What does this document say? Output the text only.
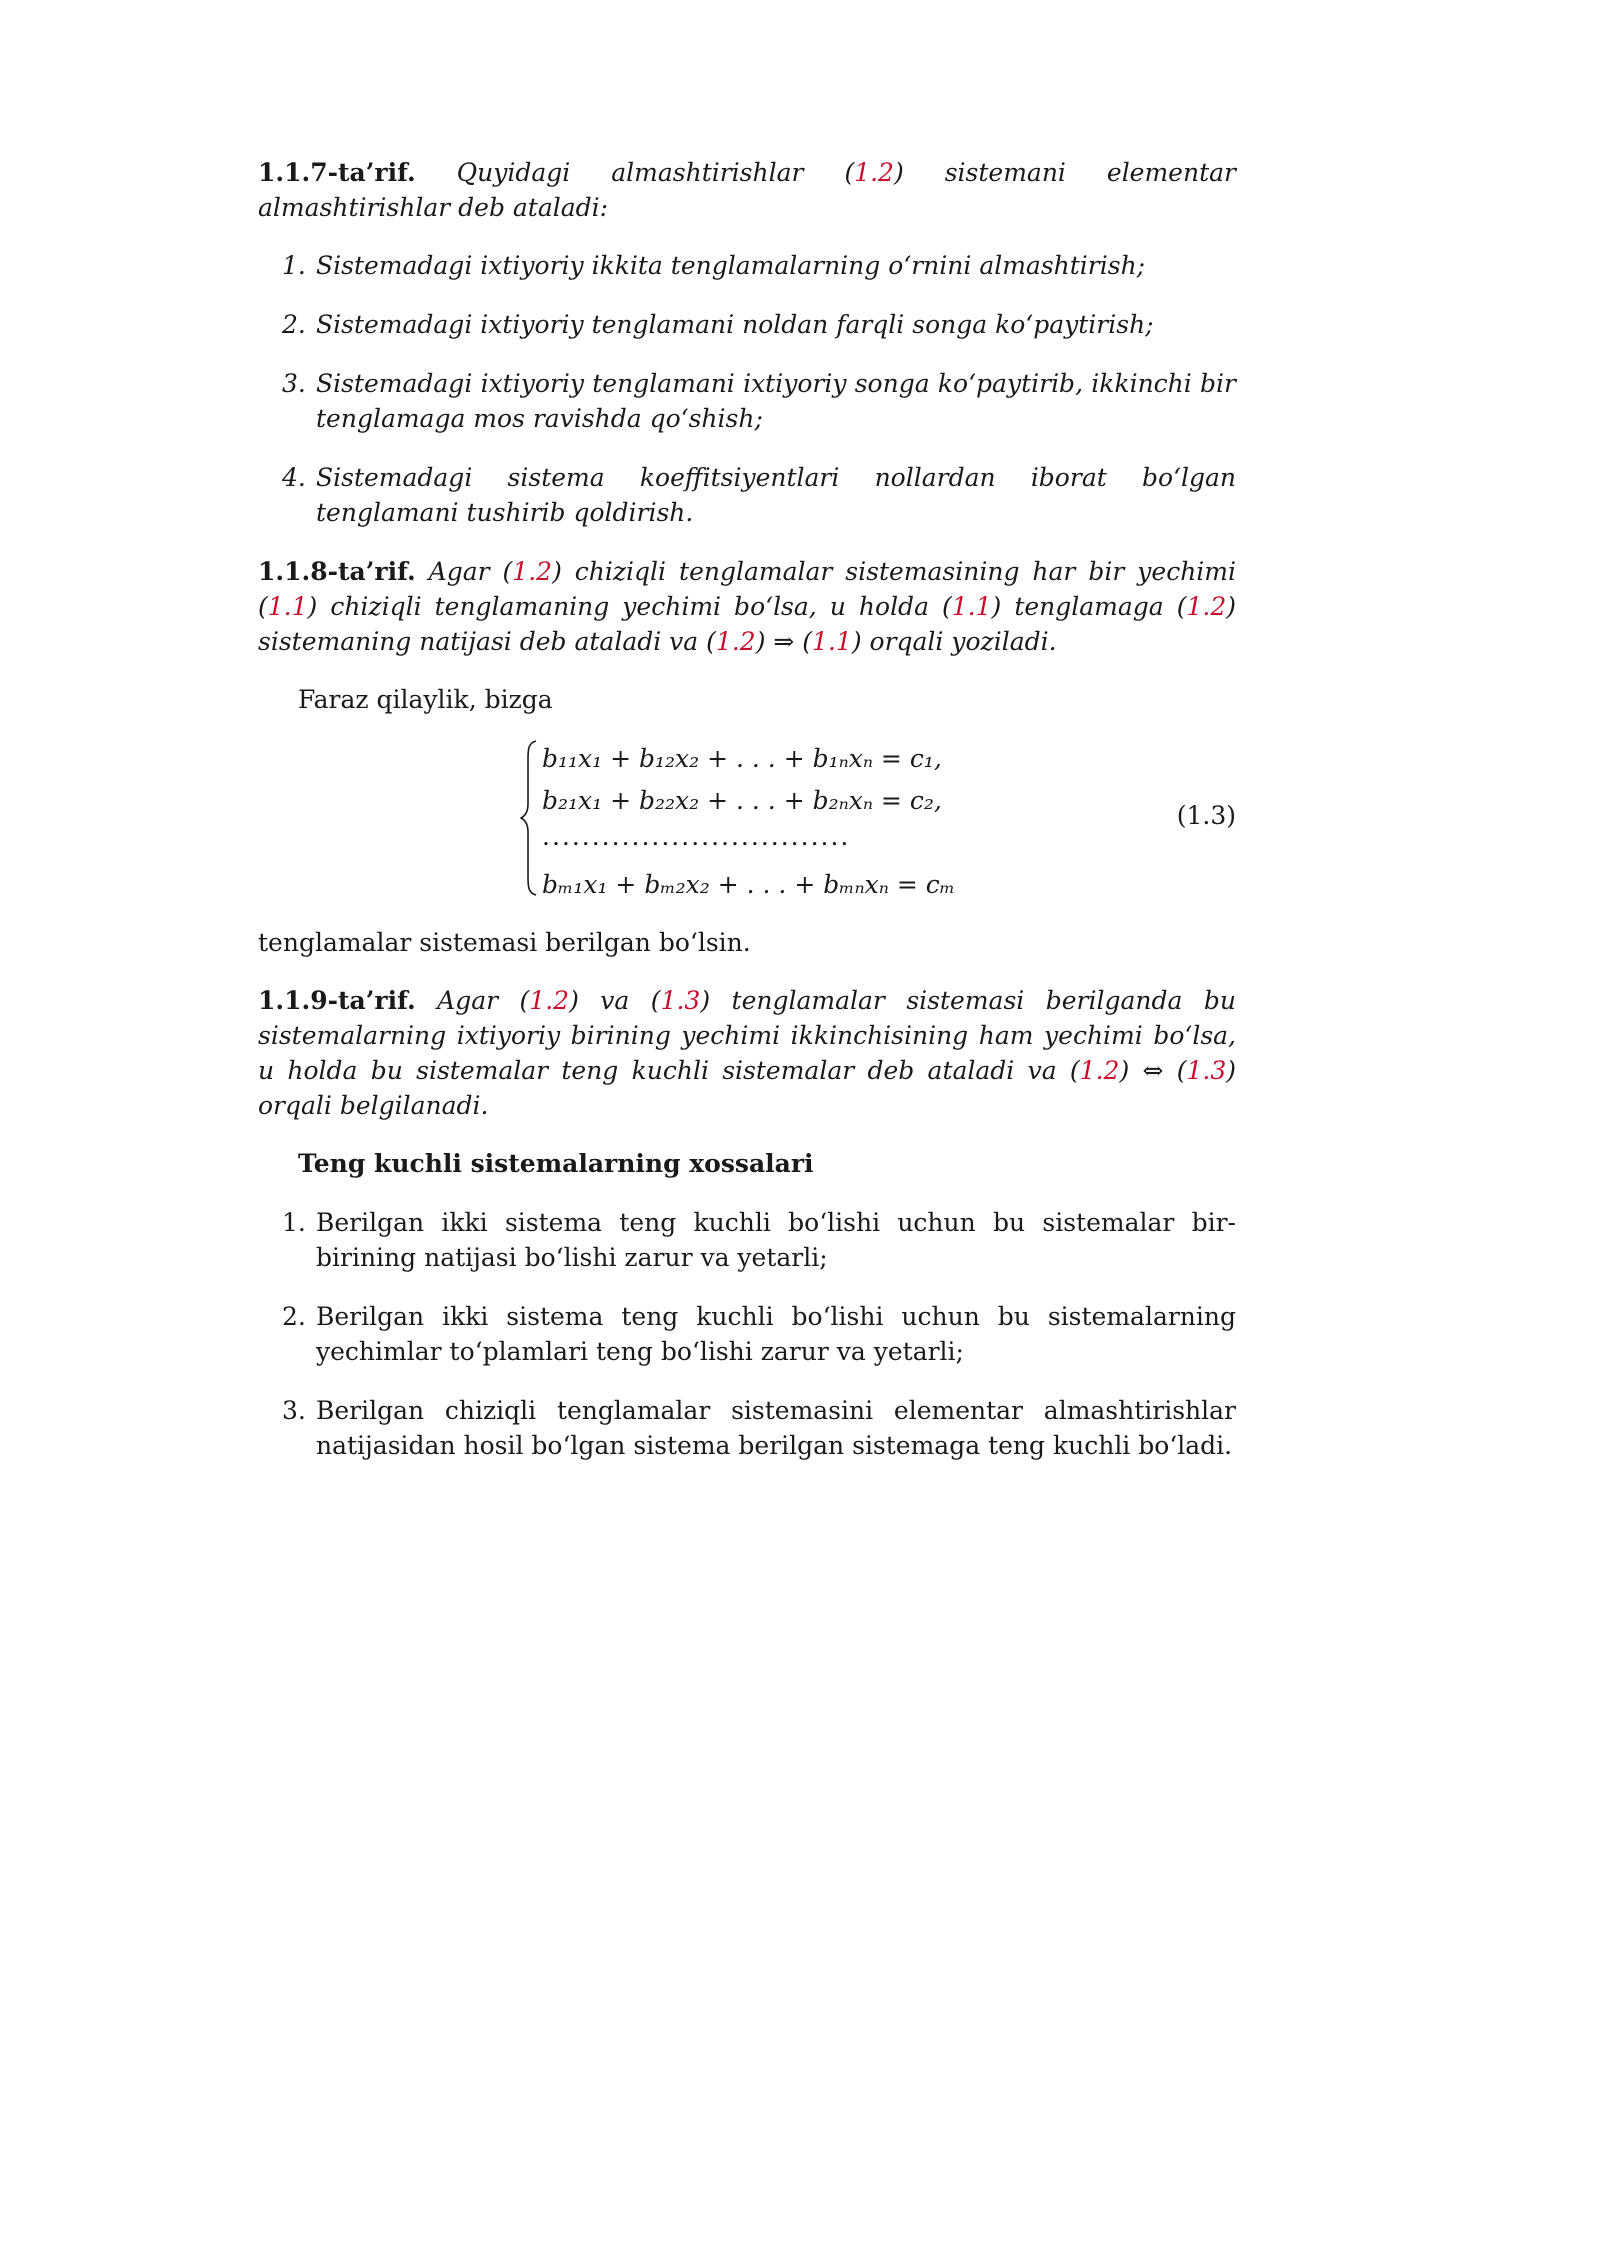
1.1.7-ta’rif. Quyidagi almashtirishlar (1.2) sistemani elementar almashtirishlar deb ataladi:

1. Sistemadagi ixtiyoriy ikkita tenglamalarning o‘rnini almashtirish;
2. Sistemadagi ixtiyoriy tenglamani noldan farqli songa ko‘paytirish;
3. Sistemadagi ixtiyoriy tenglamani ixtiyoriy songa ko‘paytirib, ikkinchi bir tenglamaga mos ravishda qo‘shish;
4. Sistemadagi sistema koeffitsiyentlari nollardan iborat bo‘lgan tenglamani tushirib qoldirish.

1.1.8-ta’rif. Agar (1.2) chiziqli tenglamalar sistemasining har bir yechimi (1.1) chiziqli tenglamaning yechimi bo‘lsa, u holda (1.1) tenglamaga (1.2) sistemaning natijasi deb ataladi va (1.2) ⇒ (1.1) orqali yoziladi.

Faraz qilaylik, bizga

b₁₁x₁ + b₁₂x₂ + . . . + b₁ₙxₙ = c₁,
b₂₁x₁ + b₂₂x₂ + . . . + b₂ₙxₙ = c₂,
...............................
bₘ₁x₁ + bₘ₂x₂ + . . . + bₘₙxₙ = cₘ
(1.3)

tenglamalar sistemasi berilgan bo‘lsin.

1.1.9-ta’rif. Agar (1.2) va (1.3) tenglamalar sistemasi berilganda bu sistemalarning ixtiyoriy birining yechimi ikkinchisining ham yechimi bo‘lsa, u holda bu sistemalar teng kuchli sistemalar deb ataladi va (1.2) ⇔ (1.3) orqali belgilanadi.

Teng kuchli sistemalarning xossalari
1. Berilgan ikki sistema teng kuchli bo‘lishi uchun bu sistemalar bir-birining natijasi bo‘lishi zarur va yetarli;
2. Berilgan ikki sistema teng kuchli bo‘lishi uchun bu sistemalarning yechimlar to‘plamlari teng bo‘lishi zarur va yetarli;
3. Berilgan chiziqli tenglamalar sistemasini elementar almashtirishlar natijasidan hosil bo‘lgan sistema berilgan sistemaga teng kuchli bo‘ladi.
